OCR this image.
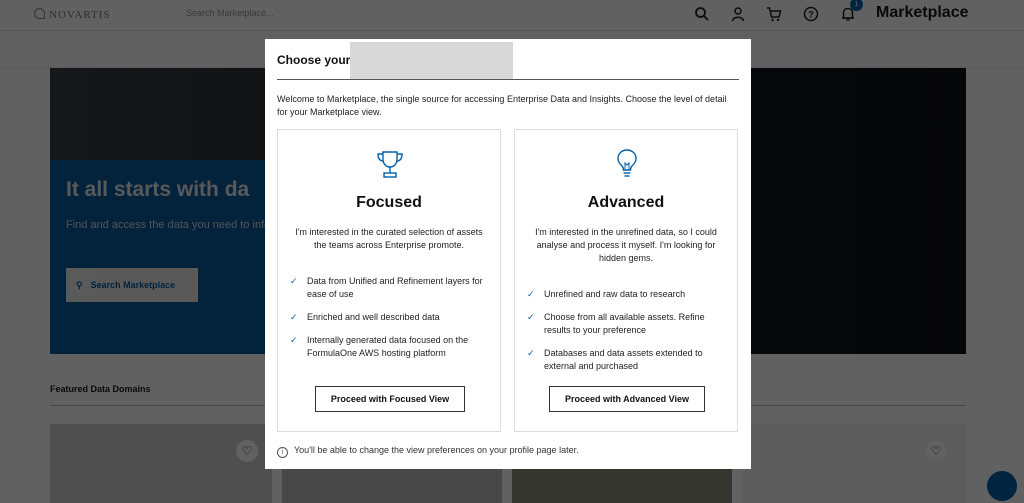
Choose your
Welcome to Marketplace, the single source for accessing Enterprise Data and Insights. Choose the level of detail for your Marketplace view.
Focused
I'm interested in the curated selection of assets the teams across Enterprise promote.
✓ Data from Unified and Refinement layers for ease of use
✓ Enriched and well described data
✓ Internally generated data focused on the FormulaOne AWS hosting platform
Proceed with Focused View
Advanced
I'm interested in the unrefined data, so I could analyse and process it myself. I'm looking for hidden gems.
✓ Unrefined and raw data to research
✓ Choose from all available assets. Refine results to your preference
✓ Databases and data assets extended to external and purchased
Proceed with Advanced View
i You'll be able to change the view preferences on your profile page later.
